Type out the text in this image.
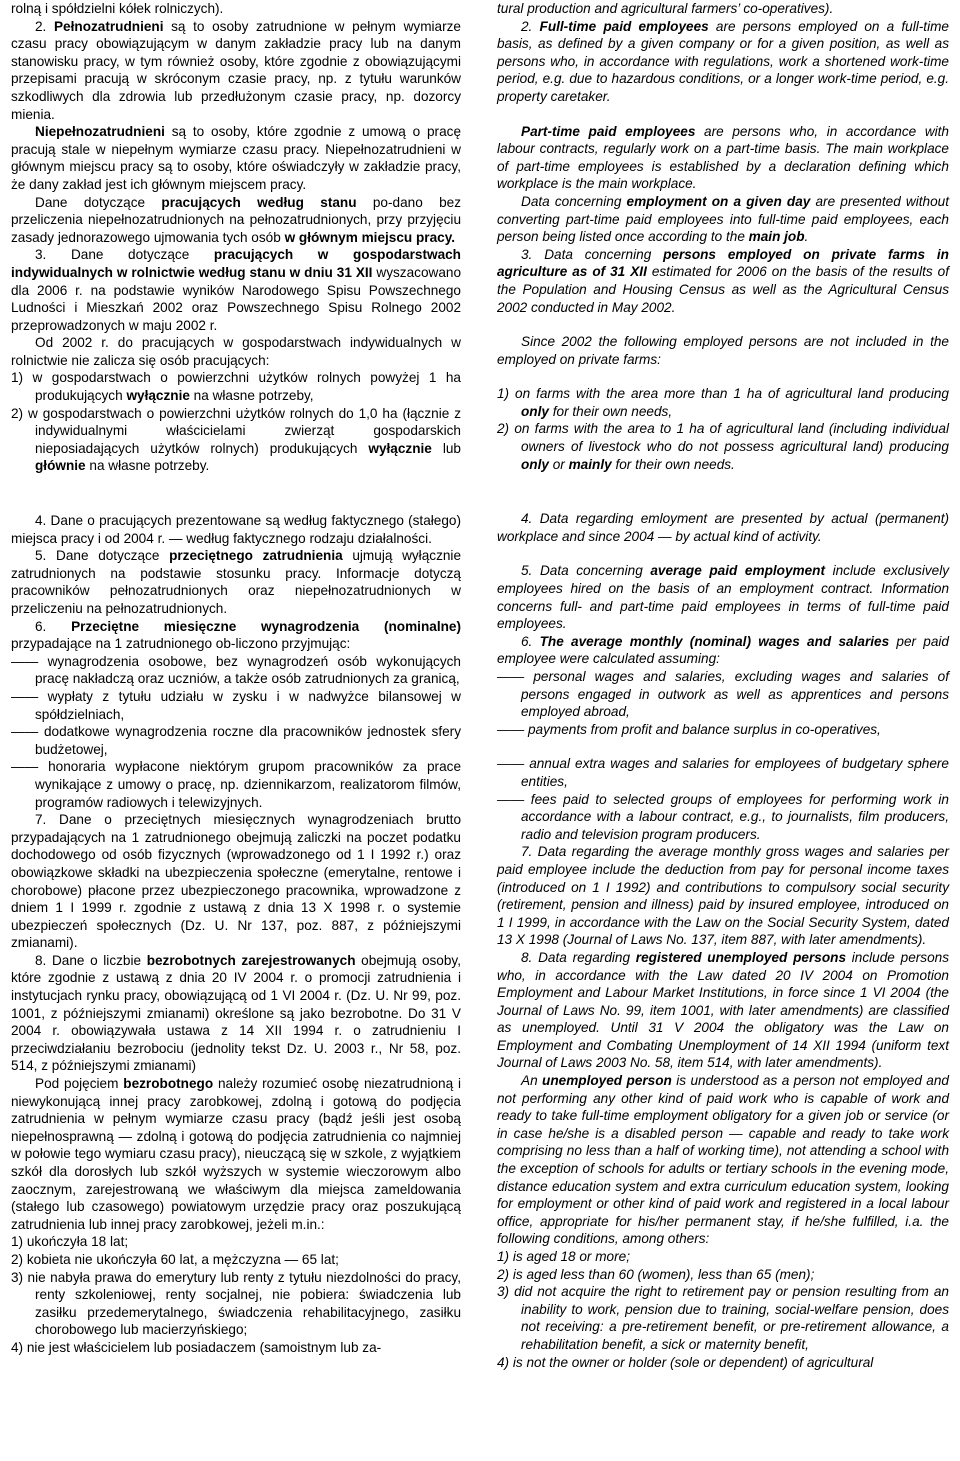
rolną i spółdzielni kółek rolniczych).

2. Pełnozatrudnieni są to osoby zatrudnione w pełnym wymiarze czasu pracy obowiązującym w danym zakładzie pracy lub na danym stanowisku pracy, w tym również osoby, które zgodnie z obowiązującymi przepisami pracują w skróconym czasie pracy, np. z tytułu warunków szkodliwych dla zdrowia lub przedłużonym czasie pracy, np. dozorcy mienia.

Niepełnozatrudnieni są to osoby, które zgodnie z umową o pracę pracują stale w niepełnym wymiarze czasu pracy. Niepełnozatrudnieni w głównym miejscu pracy są to osoby, które oświadczyły w zakładzie pracy, że dany zakład jest ich głównym miejscem pracy.

Dane dotyczące pracujących według stanu po-dano bez przeliczenia niepełnozatrudnionych na pełnozatrudnionych, przy przyjęciu zasady jednorazowego ujmowania tych osób w głównym miejscu pracy.

3. Dane dotyczące pracujących w gospodarstwach indywidualnych w rolnictwie według stanu w dniu 31 XII wyszacowano dla 2006 r. na podstawie wyników Narodowego Spisu Powszechnego Ludności i Mieszkań 2002 oraz Powszechnego Spisu Rolnego 2002 przeprowadzonych w maju 2002 r.

Od 2002 r. do pracujących w gospodarstwach indywidualnych w rolnictwie nie zalicza się osób pracujących:

1) w gospodarstwach o powierzchni użytków rolnych powyżej 1 ha produkujących wyłącznie na własne potrzeby,

2) w gospodarstwach o powierzchni użytków rolnych do 1,0 ha (łącznie z indywidualnymi właścicielami zwierząt gospodarskich nieposiadających użytków rolnych) produkujących wyłącznie lub głównie na własne potrzeby.

4. Dane o pracujących prezentowane są według faktycznego (stałego) miejsca pracy i od 2004 r. — według faktycznego rodzaju działalności.

5. Dane dotyczące przeciętnego zatrudnienia ujmują wyłącznie zatrudnionych na podstawie stosunku pracy. Informacje dotyczą pracowników pełnozatrudnionych oraz niepełnozatrudnionych w przeliczeniu na pełnozatrudnionych.

6. Przeciętne miesięczne wynagrodzenia (nominalne) przypadające na 1 zatrudnionego ob-liczono przyjmując:

—— wynagrodzenia osobowe, bez wynagrodzeń osób wykonujących pracę nakładczą oraz uczniów, a także osób zatrudnionych za granicą,

—— wypłaty z tytułu udziału w zysku i w nadwyżce bilansowej w spółdzielniach,

—— dodatkowe wynagrodzenia roczne dla pracowników jednostek sfery budżetowej,

—— honoraria wypłacone niektórym grupom pracowników za prace wynikające z umowy o pracę, np. dziennikarzom, realizatorom filmów, programów radiowych i telewizyjnych.

7. Dane o przeciętnych miesięcznych wynagrodzeniach brutto przypadających na 1 zatrudnionego obejmują zaliczki na poczet podatku dochodowego od osób fizycznych (wprowadzonego od 1 I 1992 r.) oraz obowiązkowe składki na ubezpieczenia społeczne (emerytalne, rentowe i chorobowe) płacone przez ubezpieczonego pracownika, wprowadzone z dniem 1 I 1999 r. zgodnie z ustawą z dnia 13 X 1998 r. o systemie ubezpieczeń społecznych (Dz. U. Nr 137, poz. 887, z późniejszymi zmianami).

8. Dane o liczbie bezrobotnych zarejestrowanych obejmują osoby, które zgodnie z ustawą z dnia 20 IV 2004 r. o promocji zatrudnienia i instytucjach rynku pracy, obowiązującą od 1 VI 2004 r. (Dz. U. Nr 99, poz. 1001, z późniejszymi zmianami) określone są jako bezrobotne. Do 31 V 2004 r. obowiązywała ustawa z 14 XII 1994 r. o zatrudnieniu I przeciwdziałaniu bezrobociu (jednolity tekst Dz. U. 2003 r., Nr 58, poz. 514, z późniejszymi zmianami)

Pod pojęciem bezrobotnego należy rozumieć osobę niezatrudnioną i niewykonującą innej pracy zarobkowej, zdolną i gotową do podjęcia zatrudnienia w pełnym wymiarze czasu pracy (bądź jeśli jest osobą niepełnosprawną — zdolną i gotową do podjęcia zatrudnienia co najmniej w połowie tego wymiaru czasu pracy), nieuczącą się w szkole, z wyjątkiem szkół dla dorosłych lub szkół wyższych w systemie wieczorowym albo zaocznym, zarejestrowaną we właściwym dla miejsca zameldowania (stałego lub czasowego) powiatowym urzędzie pracy oraz poszukującą zatrudnienia lub innej pracy zarobkowej, jeżeli m.in.:

1) ukończyła 18 lat;

2) kobieta nie ukończyła 60 lat, a mężczyzna — 65 lat;

3) nie nabyła prawa do emerytury lub renty z tytułu niezdolności do pracy, renty szkoleniowej, renty socjalnej, nie pobiera: świadczenia lub zasiłku przedemerytalnego, świadczenia rehabilitacyjnego, zasiłku chorobowego lub macierzyńskiego;

4) nie jest właścicielem lub posiadaczem (samoistnym lub za-

tural production and agricultural farmers’ co-operatives).

2. Full-time paid employees are persons employed on a full-time basis, as defined by a given company or for a given position, as well as persons who, in accordance with regulations, work a shortened work-time period, e.g. due to hazardous conditions, or a longer work-time period, e.g. property caretaker.

Part-time paid employees are persons who, in accordance with labour contracts, regularly work on a part-time basis. The main workplace of part-time employees is established by a declaration defining which workplace is the main workplace.

Data concerning employment on a given day are presented without converting part-time paid employees into full-time paid employees, each person being listed once according to the main job.

3. Data concerning persons employed on private farms in agriculture as of 31 XII estimated for 2006 on the basis of the results of the Population and Housing Census as well as the Agricultural Census 2002 conducted in May 2002.

Since 2002 the following employed persons are not included in the employed on private farms:

1) on farms with the area more than 1 ha of agricultural land producing only for their own needs,

2) on farms with the area to 1 ha of agricultural land (including individual owners of livestock who do not possess agricultural land) producing only or mainly for their own needs.

4. Data regarding emloyment are presented by actual (permanent) workplace and since 2004 — by actual kind of activity.

5. Data concerning average paid employment include exclusively employees hired on the basis of an employment contract. Information concerns full- and part-time paid employees in terms of full-time paid employees.

6. The average monthly (nominal) wages and salaries per paid employee were calculated assuming:

—— personal wages and salaries, excluding wages and salaries of persons engaged in outwork as well as apprentices and persons employed abroad,

—— payments from profit and balance surplus in co-operatives,

—— annual extra wages and salaries for employees of budgetary sphere entities,

—— fees paid to selected groups of employees for performing work in accordance with a labour contract, e.g., to journalists, film producers, radio and television program producers.

7. Data regarding the average monthly gross wages and salaries per paid employee include the deduction from pay for personal income taxes (introduced on 1 I 1992) and contributions to compulsory social security (retirement, pension and illness) paid by insured employee, introduced on 1 I 1999, in accordance with the Law on the Social Security System, dated 13 X 1998 (Journal of Laws No. 137, item 887, with later amendments).

8. Data regarding registered unemployed persons include persons who, in accordance with the Law dated 20 IV 2004 on Promotion Employment and Labour Market Institutions, in force since 1 VI 2004 (the Journal of Laws No. 99, item 1001, with later amendments) are classified as unemployed. Until 31 V 2004 the obligatory was the Law on Employment and Combating Unemployment of 14 XII 1994 (uniform text Journal of Laws 2003 No. 58, item 514, with later amendments).

An unemployed person is understood as a person not employed and not performing any other kind of paid work who is capable of work and ready to take full-time employment obligatory for a given job or service (or in case he/she is a disabled person — capable and ready to take work comprising no less than a half of working time), not attending a school with the exception of schools for adults or tertiary schools in the evening mode, distance education system and extra curriculum education system, looking for employment or other kind of paid work and registered in a local labour office, appropriate for his/her permanent stay, if he/she fulfilled, i.a. the following conditions, among others:

1) is aged 18 or more;

2) is aged less than 60 (women), less than 65 (men);

3) did not acquire the right to retirement pay or pension resulting from an inability to work, pension due to training, social-welfare pension, does not receiving: a pre-retirement benefit, or pre-retirement allowance, a rehabilitation benefit, a sick or maternity benefit,

4) is not the owner or holder (sole or dependent) of agricultural
